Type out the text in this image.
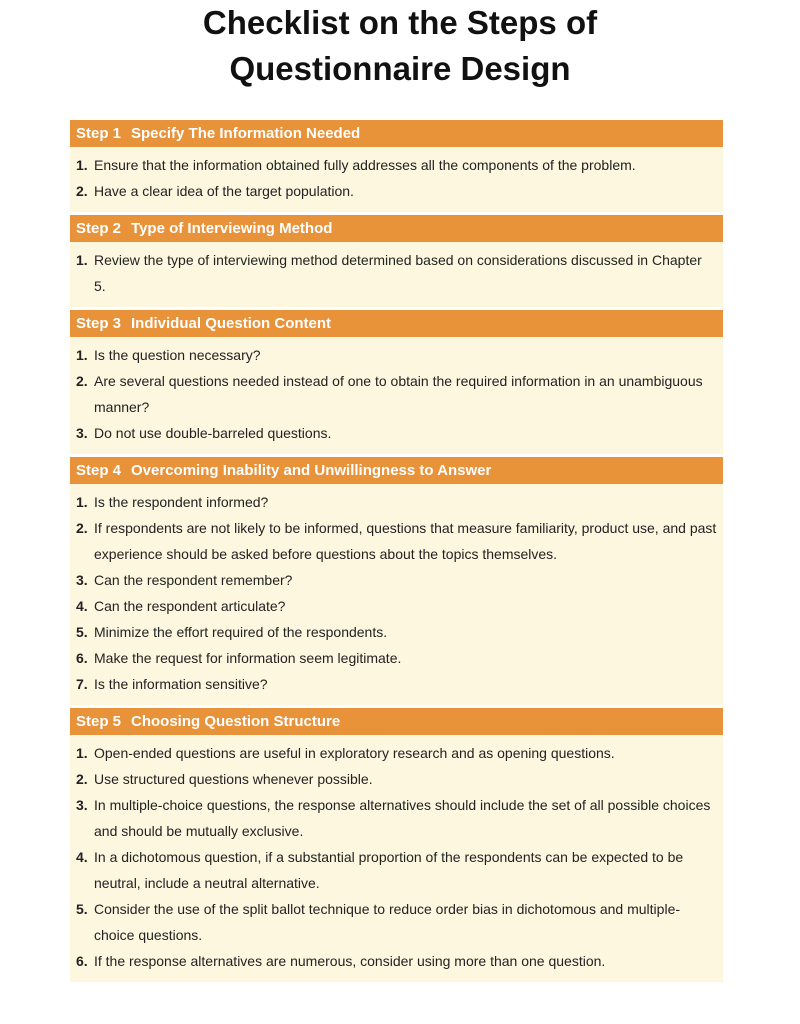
Checklist on the Steps of
Questionnaire Design
Step 1 Specify The Information Needed
1. Ensure that the information obtained fully addresses all the components of the problem.
2. Have a clear idea of the target population.
Step 2 Type of Interviewing Method
1. Review the type of interviewing method determined based on considerations discussed in Chapter 5.
Step 3 Individual Question Content
1. Is the question necessary?
2. Are several questions needed instead of one to obtain the required information in an unambiguous manner?
3. Do not use double-barreled questions.
Step 4 Overcoming Inability and Unwillingness to Answer
1. Is the respondent informed?
2. If respondents are not likely to be informed, questions that measure familiarity, product use, and past experience should be asked before questions about the topics themselves.
3. Can the respondent remember?
4. Can the respondent articulate?
5. Minimize the effort required of the respondents.
6. Make the request for information seem legitimate.
7. Is the information sensitive?
Step 5 Choosing Question Structure
1. Open-ended questions are useful in exploratory research and as opening questions.
2. Use structured questions whenever possible.
3. In multiple-choice questions, the response alternatives should include the set of all possible choices and should be mutually exclusive.
4. In a dichotomous question, if a substantial proportion of the respondents can be expected to be neutral, include a neutral alternative.
5. Consider the use of the split ballot technique to reduce order bias in dichotomous and multiple-choice questions.
6. If the response alternatives are numerous, consider using more than one question.
